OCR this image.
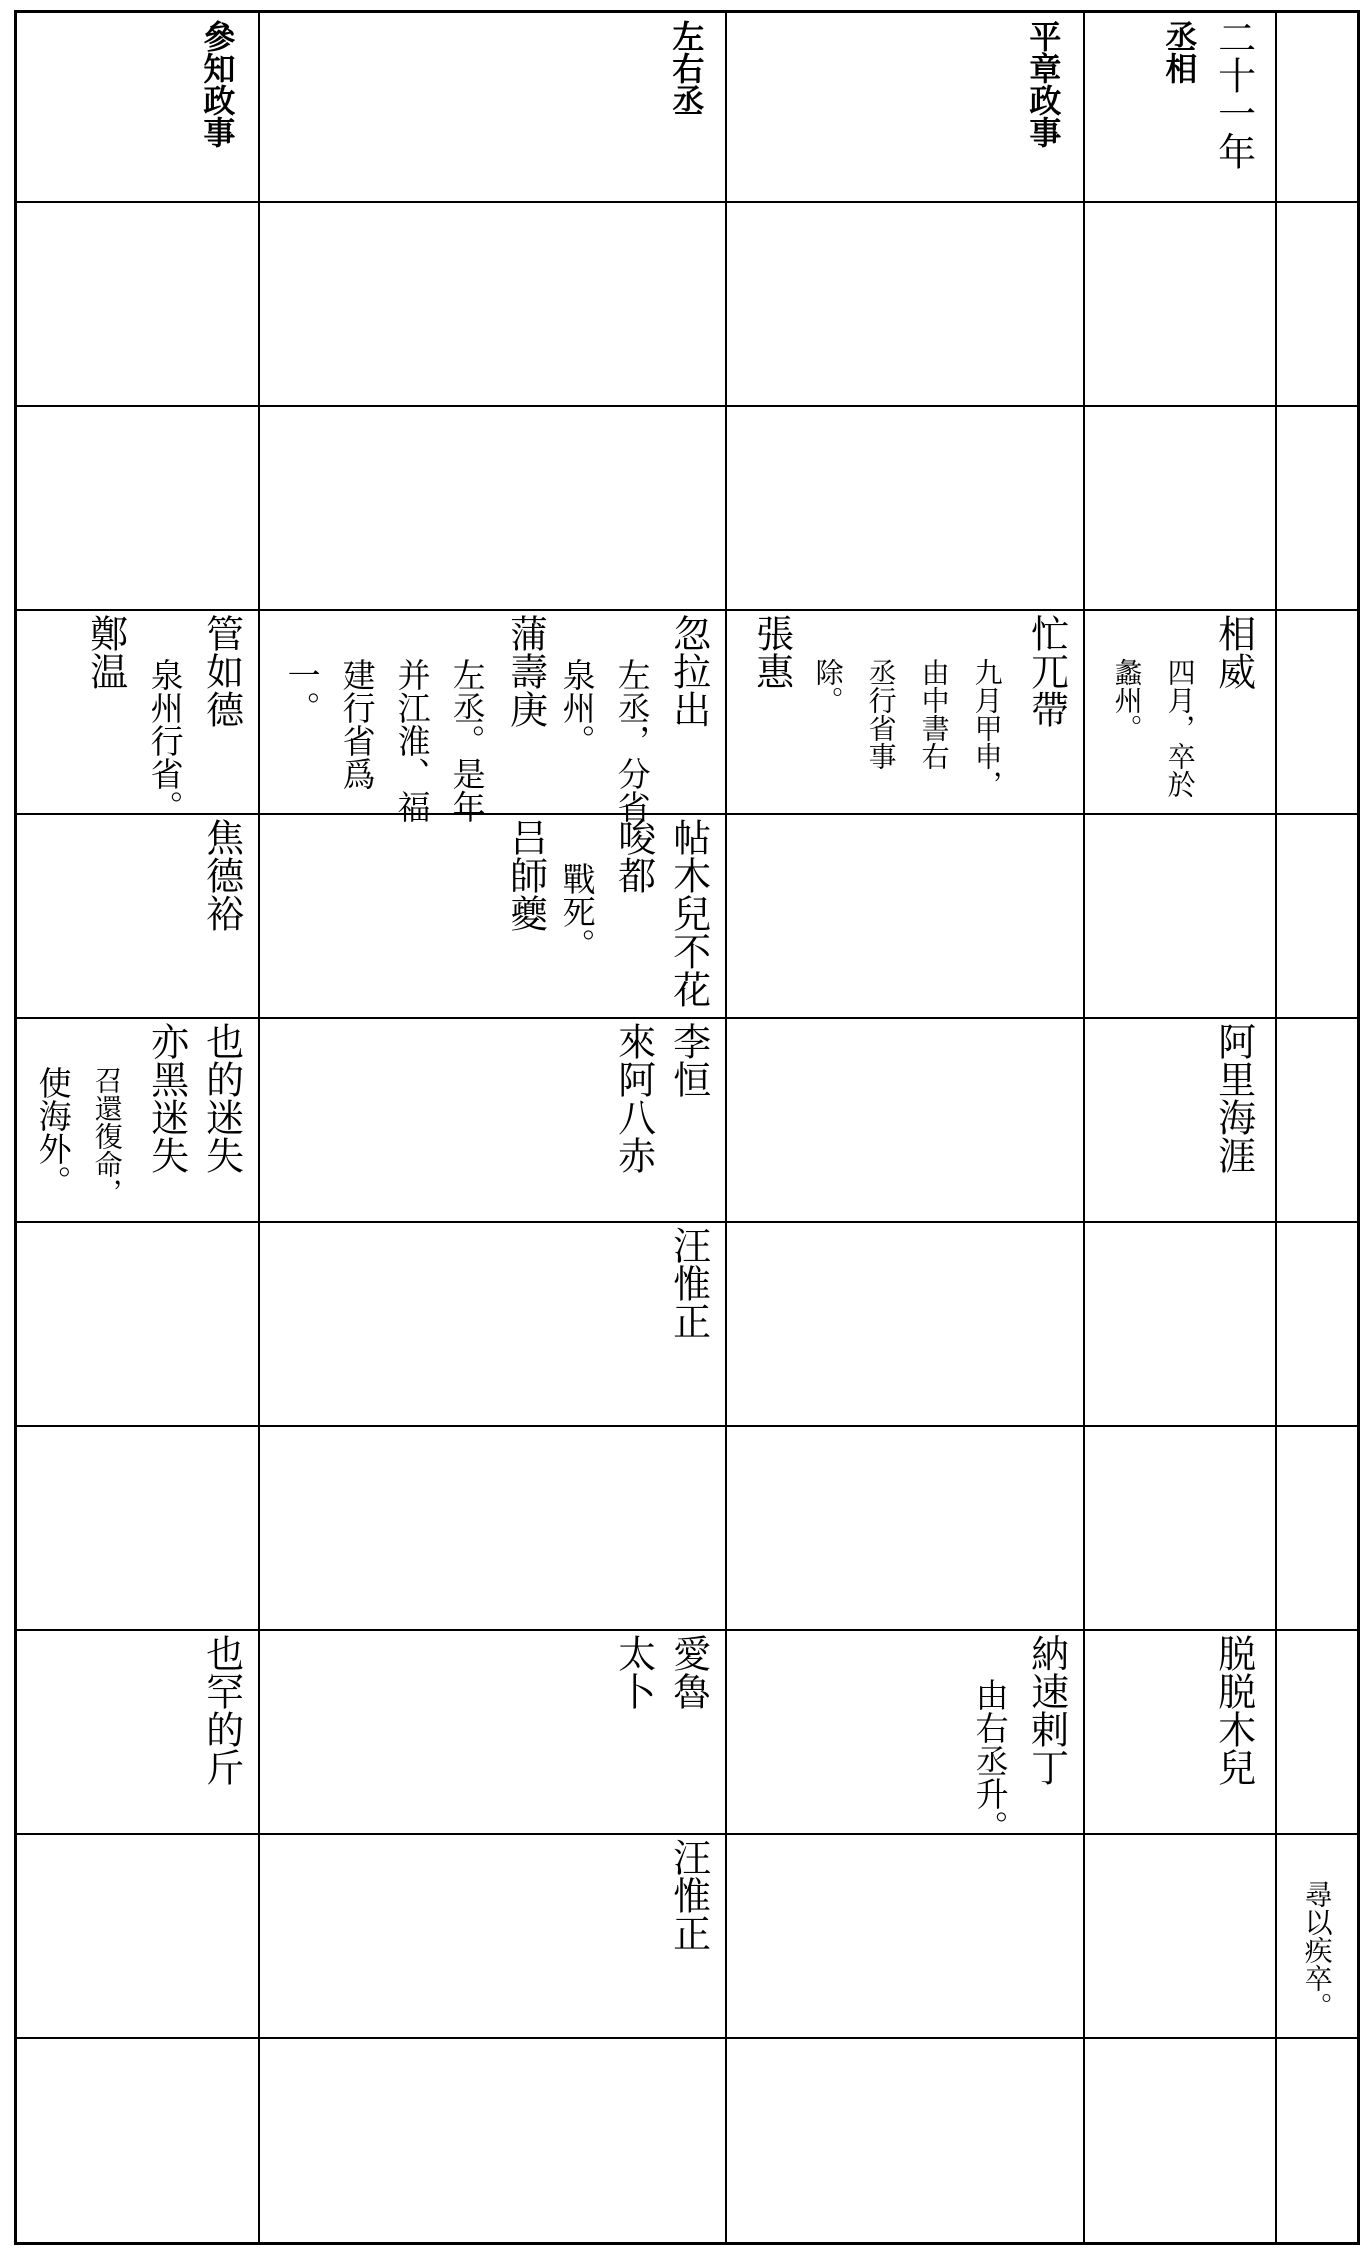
二十一年
丞相
平章政事
左右丞
參知政事
相威
四月，卒於
蠡州。
忙兀帶
九月甲申，
由中書右
丞行省事
除。
張惠
忽拉出
左丞，分省
泉州。
蒲壽庚
左丞。是年
并江淮、福
建行省爲
一。
管如德
泉州行省。
鄭温
帖木兒不花
唆都
戰死。
吕師夔
焦德裕
阿里海涯
李恒
來阿八赤
也的迷失
亦黑迷失
召還復命，
使海外。
汪惟正
脱脱木兒
納速剌丁
由右丞升。
愛魯
太卜
也罕的斤
尋以疾卒。
汪惟正
